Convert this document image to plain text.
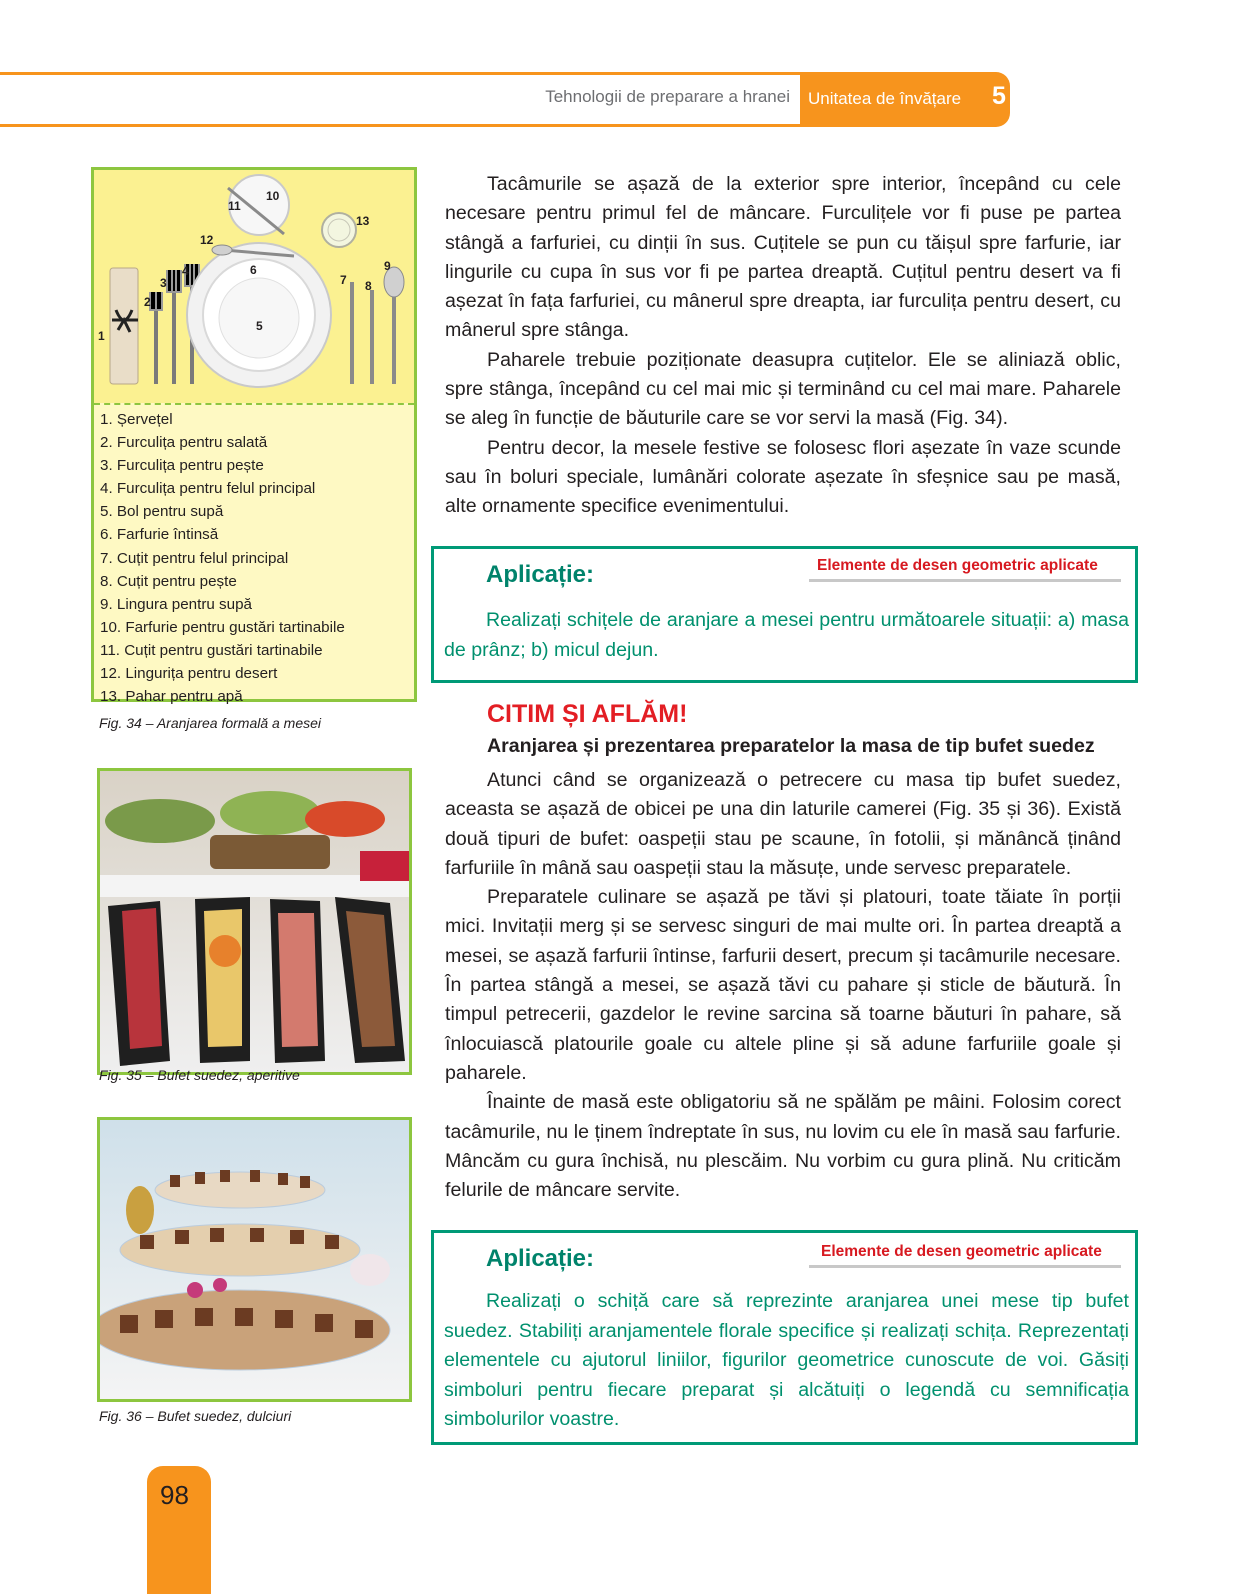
Tehnologii de preparare a hranei Unitatea de învățare 5
1
2
3
4
5
6
7 8
9
10
11
12
13
1. Șervețel
2. Furculița pentru salată
3. Furculița pentru pește
4. Furculița pentru felul principal
5. Bol pentru supă
6. Farfurie întinsă
7. Cuțit pentru felul principal
8. Cuțit pentru pește
9. Lingura pentru supă
10. Farfurie pentru gustări tartinabile
11. Cuțit pentru gustări tartinabile
12. Lingurița pentru desert
13. Pahar pentru apă
Fig. 34 – Aranjarea formală a mesei
Fig. 35 – Bufet suedez, aperitive
Fig. 36 – Bufet suedez, dulciuri

Tacâmurile se așază de la exterior spre interior, începând cu cele necesare pentru primul fel de mâncare. Furculițele vor fi puse pe partea stângă a farfuriei, cu dinții în sus. Cuțitele se pun cu tăișul spre farfurie, iar lingurile cu cupa în sus vor fi pe partea dreaptă. Cuțitul pentru desert va fi așezat în fața farfuriei, cu mânerul spre dreapta, iar furculița pentru desert, cu mânerul spre stânga.

Paharele trebuie poziționate deasupra cuțitelor. Ele se aliniază oblic, spre stânga, începând cu cel mai mic și terminând cu cel mai mare. Paharele se aleg în funcție de băuturile care se vor servi la masă (Fig. 34).

Pentru decor, la mesele festive se folosesc flori așezate în vaze scunde sau în boluri speciale, lumânări colorate așezate în sfeșnice sau pe masă, alte ornamente specifice evenimentului.

Aplicație:	Elemente de desen geometric aplicate

Realizați schițele de aranjare a mesei pentru următoarele situații: a) masa de prânz; b) micul dejun.

CITIM ȘI AFLĂM!
Aranjarea și prezentarea preparatelor la masa de tip bufet suedez

Atunci când se organizează o petrecere cu masa tip bufet suedez, aceasta se așază de obicei pe una din laturile camerei (Fig. 35 și 36). Există două tipuri de bufet: oaspeții stau pe scaune, în fotolii, și mănâncă ținând farfuriile în mână sau oaspeții stau la măsuțe, unde servesc preparatele.

Preparatele culinare se așază pe tăvi și platouri, toate tăiate în porții mici. Invitații merg și se servesc singuri de mai multe ori. În partea dreaptă a mesei, se așază farfurii întinse, farfurii desert, precum și tacâmurile necesare. În partea stângă a mesei, se așază tăvi cu pahare și sticle de băutură. În timpul petrecerii, gazdelor le revine sarcina să toarne băuturi în pahare, să înlocuiască platourile goale cu altele pline și să adune farfuriile goale și paharele.

Înainte de masă este obligatoriu să ne spălăm pe mâini. Folosim corect tacâmurile, nu le ținem îndreptate în sus, nu lovim cu ele în masă sau farfurie. Mâncăm cu gura închisă, nu plescăim. Nu vorbim cu gura plină. Nu criticăm felurile de mâncare servite.

Aplicație:	Elemente de desen geometric aplicate

Realizați o schiță care să reprezinte aranjarea unei mese tip bufet suedez. Stabiliți aranjamentele florale specifice și realizați schița. Reprezentați elementele cu ajutorul liniilor, figurilor geometrice cunoscute de voi. Găsiți simboluri pentru fiecare preparat și alcătuiți o legendă cu semnificația simbolurilor voastre.

98
